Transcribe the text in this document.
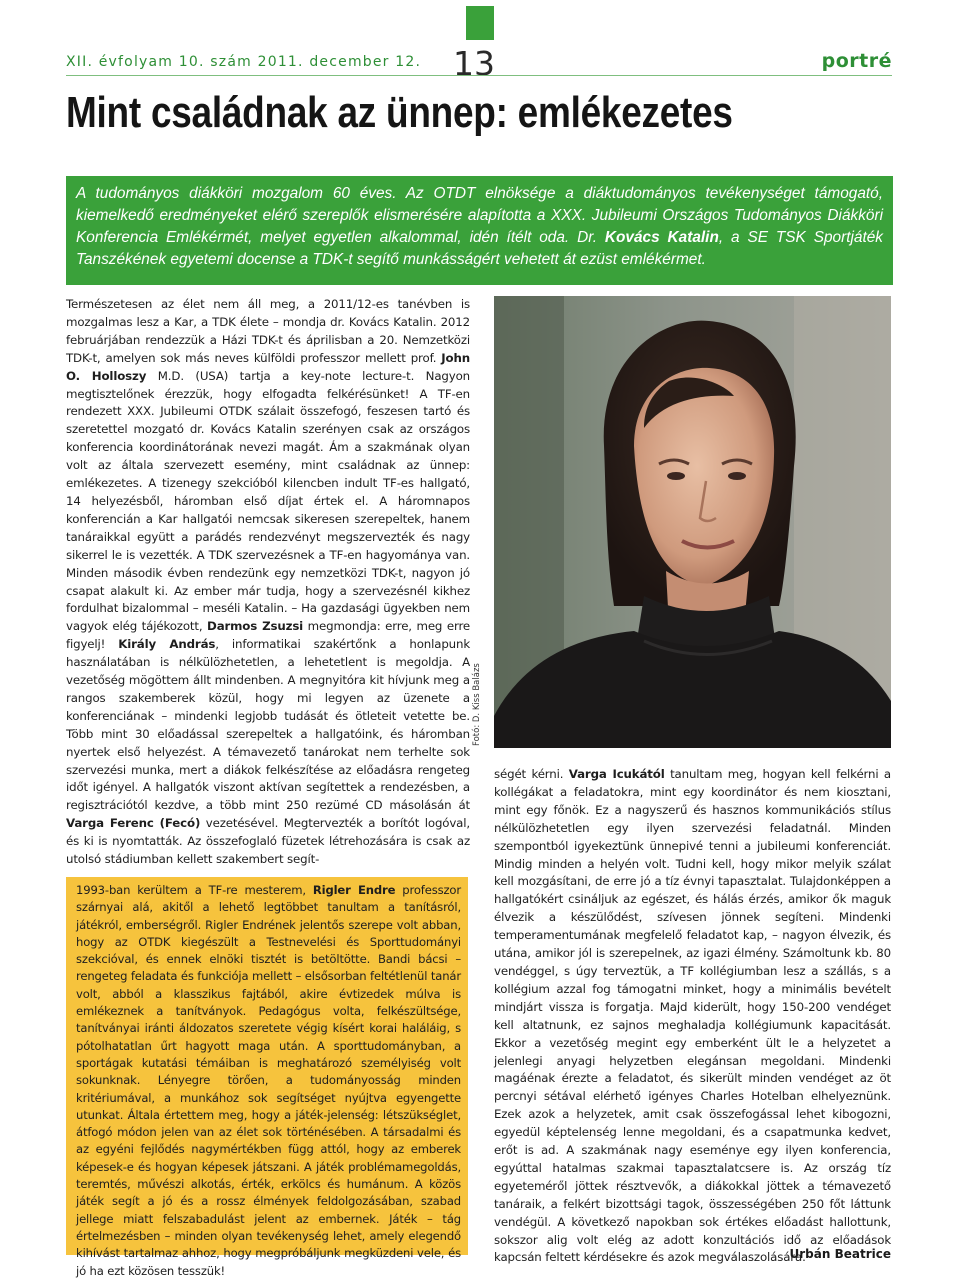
XII. évfolyam 10. szám 2011. december 12. 13	portré
Mint családnak az ünnep: emlékezetes
A tudományos diákköri mozgalom 60 éves. Az OTDT elnöksége a diáktudományos tevékenységet támogató, kiemelkedő eredményeket elérő szereplők elismerésére alapította a XXX. Jubileumi Országos Tudományos Diákköri Konferencia Emlékérmét, melyet egyetlen alkalommal, idén ítélt oda. Dr. Kovács Katalin, a SE TSK Sportjáték Tanszékének egyetemi docense a TDK-t segítő munkásságért vehetett át ezüst emlékérmet.

Természetesen az élet nem áll meg, a 2011/12-es tanévben is mozgalmas lesz a Kar, a TDK élete – mondja dr. Kovács Katalin. 2012 februárjában rendezzük a Házi TDK-t és áprilisban a 20. Nemzetközi TDK-t, amelyen sok más neves külföldi professzor mellett prof. John O. Holloszy M.D. (USA) tartja a key-note lecture-t. Nagyon megtisztelőnek érezzük, hogy elfogadta felkérésünket! A TF-en rendezett XXX. Jubileumi OTDK szálait összefogó, feszesen tartó és szeretettel mozgató dr. Kovács Katalin szerényen csak az országos konferencia koordinátorának nevezi magát. Ám a szakmának olyan volt az általa szervezett esemény, mint családnak az ünnep: emlékezetes. A tizenegy szekcióból kilencben indult TF-es hallgató, 14 helyezésből, háromban első díjat értek el. A háromnapos konferencián a Kar hallgatói nemcsak sikeresen szerepeltek, hanem tanáraikkal együtt a parádés rendezvényt megszervezték és nagy sikerrel le is vezették. A TDK szervezésnek a TF-en hagyománya van. Minden második évben rendezünk egy nemzetközi TDK-t, nagyon jó csapat alakult ki. Az ember már tudja, hogy a szervezésnél kikhez fordulhat bizalommal – meséli Katalin. – Ha gazdasági ügyekben nem vagyok elég tájékozott, Darmos Zsuzsi megmondja: erre, meg erre figyelj! Király András, informatikai szakértőnk a honlapunk használatában is nélkülözhetetlen, a lehetetlent is megoldja. A vezetőség mögöttem állt mindenben. A megnyitóra kit hívjunk meg a rangos szakemberek közül, hogy mi legyen az üzenete a konferenciának – mindenki legjobb tudását és ötleteit vetette be. Több mint 30 előadással szerepeltek a hallgatóink, és háromban nyertek első helyezést. A témavezető tanárokat nem terhelte sok szervezési munka, mert a diákok felkészítése az előadásra rengeteg időt igényel. A hallgatók viszont aktívan segítettek a rendezésben, a regisztrációtól kezdve, a több mint 250 rezümé CD másolásán át Varga Ferenc (Fecó) vezetésével. Megtervezték a borítót logóval, és ki is nyomtatták. Az összefoglaló füzetek létrehozására is csak az utolsó stádiumban kellett szakembert segít-

1993-ban kerültem a TF-re mesterem, Rigler Endre professzor szárnyai alá, akitől a lehető legtöbbet tanultam a tanításról, játékról, emberségről. Rigler Endrének jelentős szerepe volt abban, hogy az OTDK kiegészült a Testnevelési és Sporttudományi szekcióval, és ennek elnöki tisztét is betöltötte. Bandi bácsi – rengeteg feladata és funkciója mellett – elsősorban feltétlenül tanár volt, abból a klasszikus fajtából, akire évtizedek múlva is emlékeznek a tanítványok. Pedagógus volta, felkészültsége, tanítványai iránti áldozatos szeretete végig kísért korai haláláig, s pótolhatatlan űrt hagyott maga után. A sporttudományban, a sportágak kutatási témáiban is meghatározó személyiség volt sokunknak. Lényegre törően, a tudományosság minden kritériumával, a munkához sok segítséget nyújtva egyengette utunkat. Általa értettem meg, hogy a játék-jelenség: létszükséglet, átfogó módon jelen van az élet sok történésében. A társadalmi és az egyéni fejlődés nagymértékben függ attól, hogy az emberek képesek-e és hogyan képesek játszani. A játék problémamegoldás, teremtés, művészi alkotás, érték, erkölcs és humánum. A közös játék segít a jó és a rossz élmények feldolgozásában, szabad jellege miatt felszabadulást jelent az embernek. Játék – tág értelmezésben – minden olyan tevékenység lehet, amely elegendő kihívást tartalmaz ahhoz, hogy megpróbáljunk megküzdeni vele, és jó ha ezt közösen tesszük!

Fotó: D. Kiss Balázs

ségét kérni. Varga Icukától tanultam meg, hogyan kell felkérni a kollégákat a feladatokra, mint egy koordinátor és nem kiosztani, mint egy főnök. Ez a nagyszerű és hasznos kommunikációs stílus nélkülözhetetlen egy ilyen szervezési feladatnál. Minden szempontból igyekeztünk ünnepivé tenni a jubileumi konferenciát. Mindig minden a helyén volt. Tudni kell, hogy mikor melyik szálat kell mozgásítani, de erre jó a tíz évnyi tapasztalat. Tulajdonképpen a hallgatókért csináljuk az egészet, és hálás érzés, amikor ők maguk élvezik a készülődést, szívesen jönnek segíteni. Mindenki temperamentumának megfelelő feladatot kap, – nagyon élvezik, és utána, amikor jól is szerepelnek, az igazi élmény. Számoltunk kb. 80 vendéggel, s úgy terveztük, a TF kollégiumban lesz a szállás, s a kollégium azzal fog támogatni minket, hogy a minimális bevételt mindjárt vissza is forgatja. Majd kiderült, hogy 150-200 vendéget kell altatnunk, ez sajnos meghaladja kollégiumunk kapacitását. Ekkor a vezetőség megint egy emberként ült le a helyzetet a jelenlegi anyagi helyzetben elegánsan megoldani. Mindenki magáénak érezte a feladatot, és sikerült minden vendéget az öt percnyi sétával elérhető igényes Charles Hotelban elhelyeznünk. Ezek azok a helyzetek, amit csak összefogással lehet kibogozni, egyedül képtelenség lenne megoldani, és a csapatmunka kedvet, erőt is ad. A szakmának nagy eseménye egy ilyen konferencia, egyúttal hatalmas szakmai tapasztalatcsere is. Az ország tíz egyeteméről jöttek résztvevők, a diákokkal jöttek a témavezető tanáraik, a felkért bizottsági tagok, összességében 250 főt láttunk vendégül. A következő napokban sok értékes előadást hallottunk, sokszor alig volt elég az adott konzultációs idő az előadások kapcsán feltett kérdésekre és azok megválaszolására.

Urbán Beatrice
